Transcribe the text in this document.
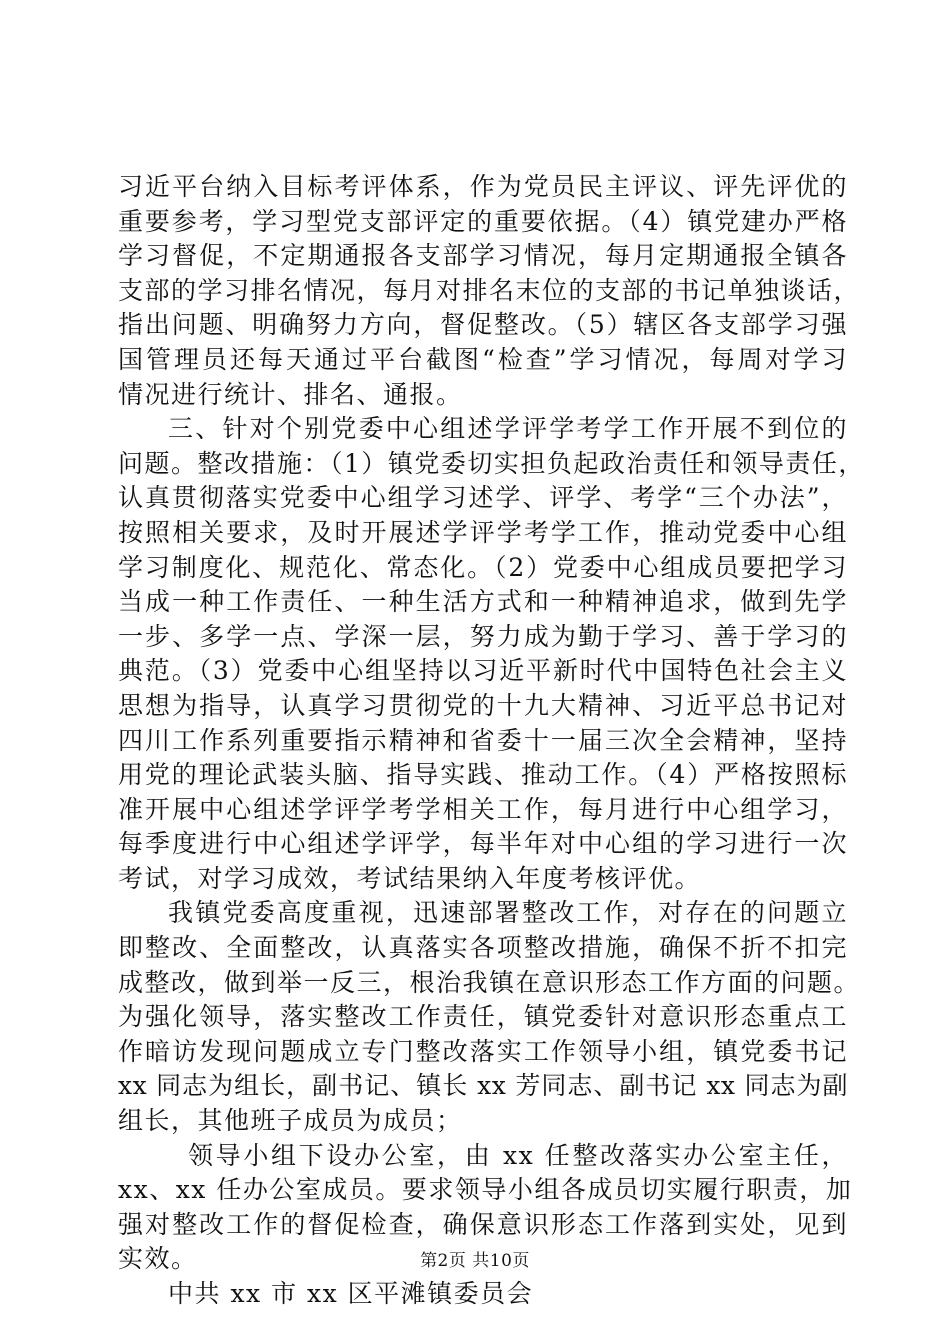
习近平台纳入目标考评体系，作为党员民主评议、评先评优的
重要参考，学习型党支部评定的重要依据。（4）镇党建办严格
学习督促，不定期通报各支部学习情况，每月定期通报全镇各
支部的学习排名情况，每月对排名末位的支部的书记单独谈话，
指出问题、明确努力方向，督促整改。（5）辖区各支部学习强
国管理员还每天通过平台截图“检查”学习情况，每周对学习
情况进行统计、排名、通报。
三、针对个别党委中心组述学评学考学工作开展不到位的
问题。整改措施：（1）镇党委切实担负起政治责任和领导责任，
认真贯彻落实党委中心组学习述学、评学、考学“三个办法”，
按照相关要求，及时开展述学评学考学工作，推动党委中心组
学习制度化、规范化、常态化。（2）党委中心组成员要把学习
当成一种工作责任、一种生活方式和一种精神追求，做到先学
一步、多学一点、学深一层，努力成为勤于学习、善于学习的
典范。（3）党委中心组坚持以习近平新时代中国特色社会主义
思想为指导，认真学习贯彻党的十九大精神、习近平总书记对
四川工作系列重要指示精神和省委十一届三次全会精神，坚持
用党的理论武装头脑、指导实践、推动工作。（4）严格按照标
准开展中心组述学评学考学相关工作，每月进行中心组学习，
每季度进行中心组述学评学，每半年对中心组的学习进行一次
考试，对学习成效，考试结果纳入年度考核评优。
我镇党委高度重视，迅速部署整改工作，对存在的问题立
即整改、全面整改，认真落实各项整改措施，确保不折不扣完
成整改，做到举一反三，根治我镇在意识形态工作方面的问题。
为强化领导，落实整改工作责任，镇党委针对意识形态重点工
作暗访发现问题成立专门整改落实工作领导小组，镇党委书记
xx 同志为组长，副书记、镇长 xx 芳同志、副书记 xx 同志为副
组长，其他班子成员为成员；
领导小组下设办公室，由 xx 任整改落实办公室主任，
xx、xx 任办公室成员。要求领导小组各成员切实履行职责，加
强对整改工作的督促检查，确保意识形态工作落到实处，见到
实效。
中共 xx 市 xx 区平滩镇委员会
第2页 共10页
